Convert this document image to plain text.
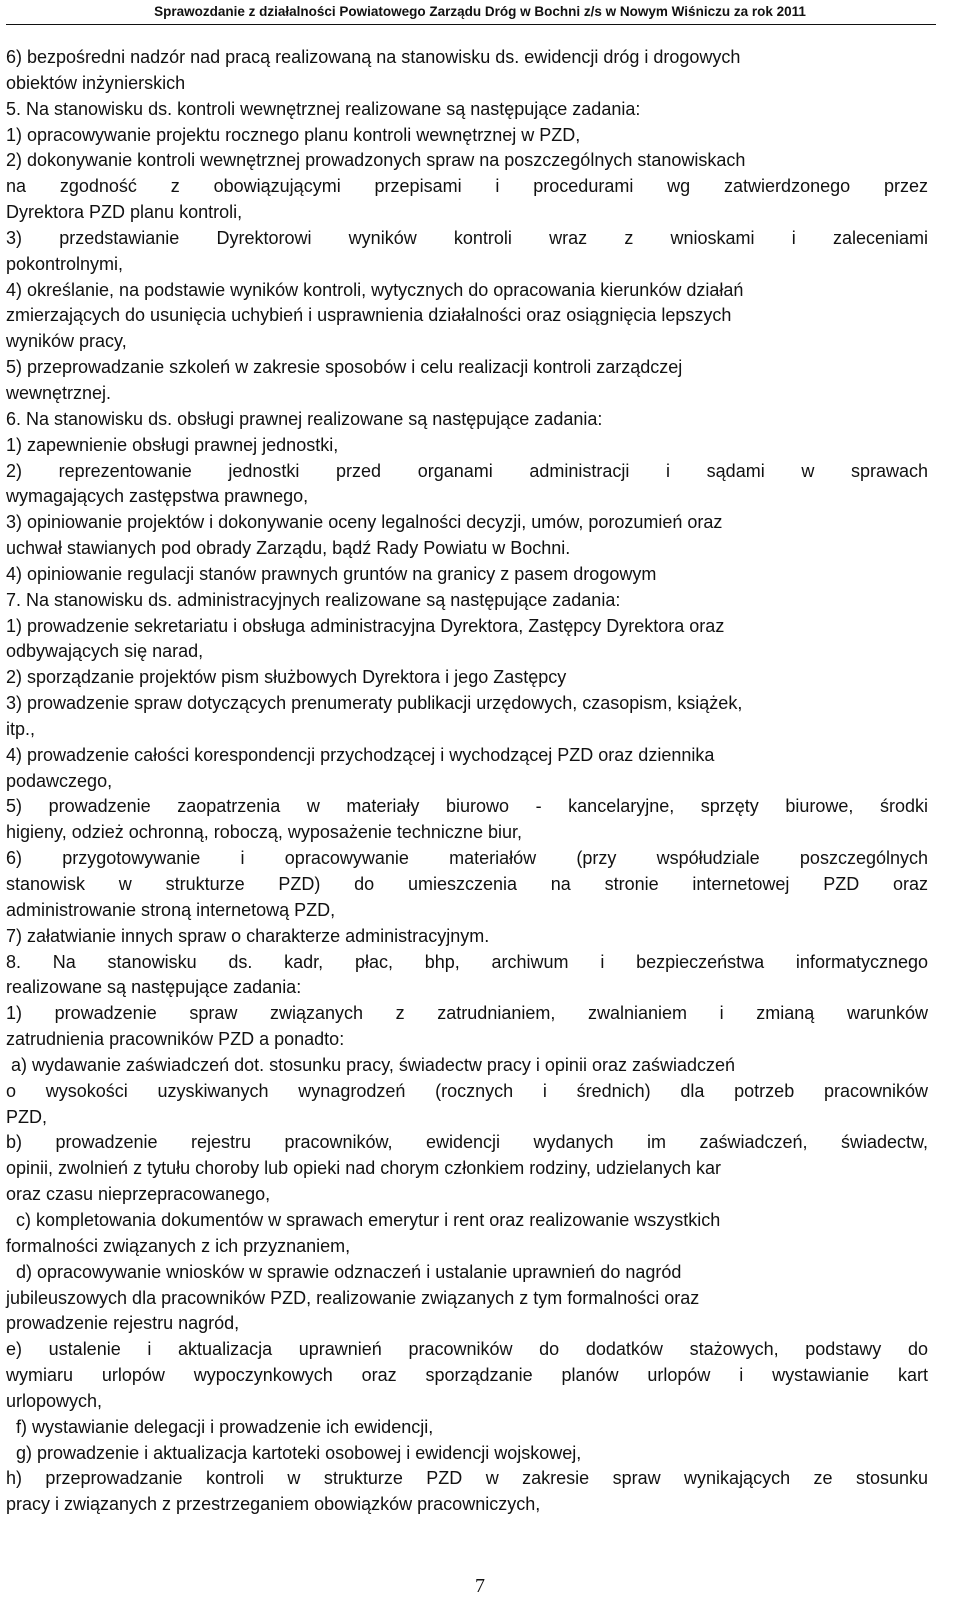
Sprawozdanie z działalności Powiatowego Zarządu Dróg w Bochni z/s w Nowym Wiśniczu za rok 2011
6) bezpośredni nadzór nad pracą realizowaną na stanowisku ds. ewidencji dróg i drogowych
obiektów inżynierskich
5. Na stanowisku ds. kontroli wewnętrznej realizowane są następujące zadania:
1) opracowywanie projektu rocznego planu kontroli wewnętrznej w PZD,
2) dokonywanie kontroli wewnętrznej prowadzonych spraw na poszczególnych stanowiskach
na zgodność z obowiązującymi przepisami i procedurami wg zatwierdzonego przez
Dyrektora PZD planu kontroli,
3) przedstawianie Dyrektorowi wyników kontroli wraz z wnioskami i zaleceniami
pokontrolnymi,
4) określanie, na podstawie wyników kontroli, wytycznych do opracowania kierunków działań
zmierzających do usunięcia uchybień i usprawnienia działalności oraz osiągnięcia lepszych
wyników pracy,
5) przeprowadzanie szkoleń w zakresie sposobów i celu realizacji kontroli zarządczej
wewnętrznej.
6. Na stanowisku ds. obsługi prawnej realizowane są następujące zadania:
1) zapewnienie obsługi prawnej jednostki,
2) reprezentowanie jednostki przed organami administracji i sądami w sprawach
wymagających zastępstwa prawnego,
3) opiniowanie projektów i dokonywanie oceny legalności decyzji, umów, porozumień oraz
uchwał stawianych pod obrady Zarządu, bądź Rady Powiatu w Bochni.
4) opiniowanie regulacji stanów prawnych gruntów na granicy z pasem drogowym
7. Na stanowisku ds. administracyjnych realizowane są następujące zadania:
1) prowadzenie sekretariatu i obsługa administracyjna Dyrektora, Zastępcy Dyrektora oraz
odbywających się narad,
2) sporządzanie projektów pism służbowych Dyrektora i jego Zastępcy
3) prowadzenie spraw dotyczących prenumeraty publikacji urzędowych, czasopism, książek,
itp.,
4) prowadzenie całości korespondencji przychodzącej i wychodzącej PZD oraz dziennika
podawczego,
5) prowadzenie zaopatrzenia w materiały biurowo - kancelaryjne, sprzęty biurowe, środki
higieny, odzież ochronną, roboczą, wyposażenie techniczne biur,
6) przygotowywanie i opracowywanie materiałów (przy współudziale poszczególnych
stanowisk w strukturze PZD) do umieszczenia na stronie internetowej PZD oraz
administrowanie stroną internetową PZD,
7) załatwianie innych spraw o charakterze administracyjnym.
8. Na stanowisku ds. kadr, płac, bhp, archiwum i bezpieczeństwa informatycznego
realizowane są następujące zadania:
1) prowadzenie spraw związanych z zatrudnianiem, zwalnianiem i zmianą warunków
zatrudnienia pracowników PZD a ponadto:
a) wydawanie zaświadczeń dot. stosunku pracy, świadectw pracy i opinii oraz zaświadczeń
o wysokości uzyskiwanych wynagrodzeń (rocznych i średnich) dla potrzeb pracowników
PZD,
b) prowadzenie rejestru pracowników, ewidencji wydanych im zaświadczeń, świadectw,
opinii, zwolnień z tytułu choroby lub opieki nad chorym członkiem rodziny, udzielanych kar
oraz czasu nieprzepracowanego,
c) kompletowania dokumentów w sprawach emerytur i rent oraz realizowanie wszystkich
formalności związanych z ich przyznaniem,
d) opracowywanie wniosków w sprawie odznaczeń i ustalanie uprawnień do nagród
jubileuszowych dla pracowników PZD, realizowanie związanych z tym formalności oraz
prowadzenie rejestru nagród,
e) ustalenie i aktualizacja uprawnień pracowników do dodatków stażowych, podstawy do
wymiaru urlopów wypoczynkowych oraz sporządzanie planów urlopów i wystawianie kart
urlopowych,
f) wystawianie delegacji i prowadzenie ich ewidencji,
g) prowadzenie i aktualizacja kartoteki osobowej i ewidencji wojskowej,
h) przeprowadzanie kontroli w strukturze PZD w zakresie spraw wynikających ze stosunku
pracy i związanych z przestrzeganiem obowiązków pracowniczych,
7
